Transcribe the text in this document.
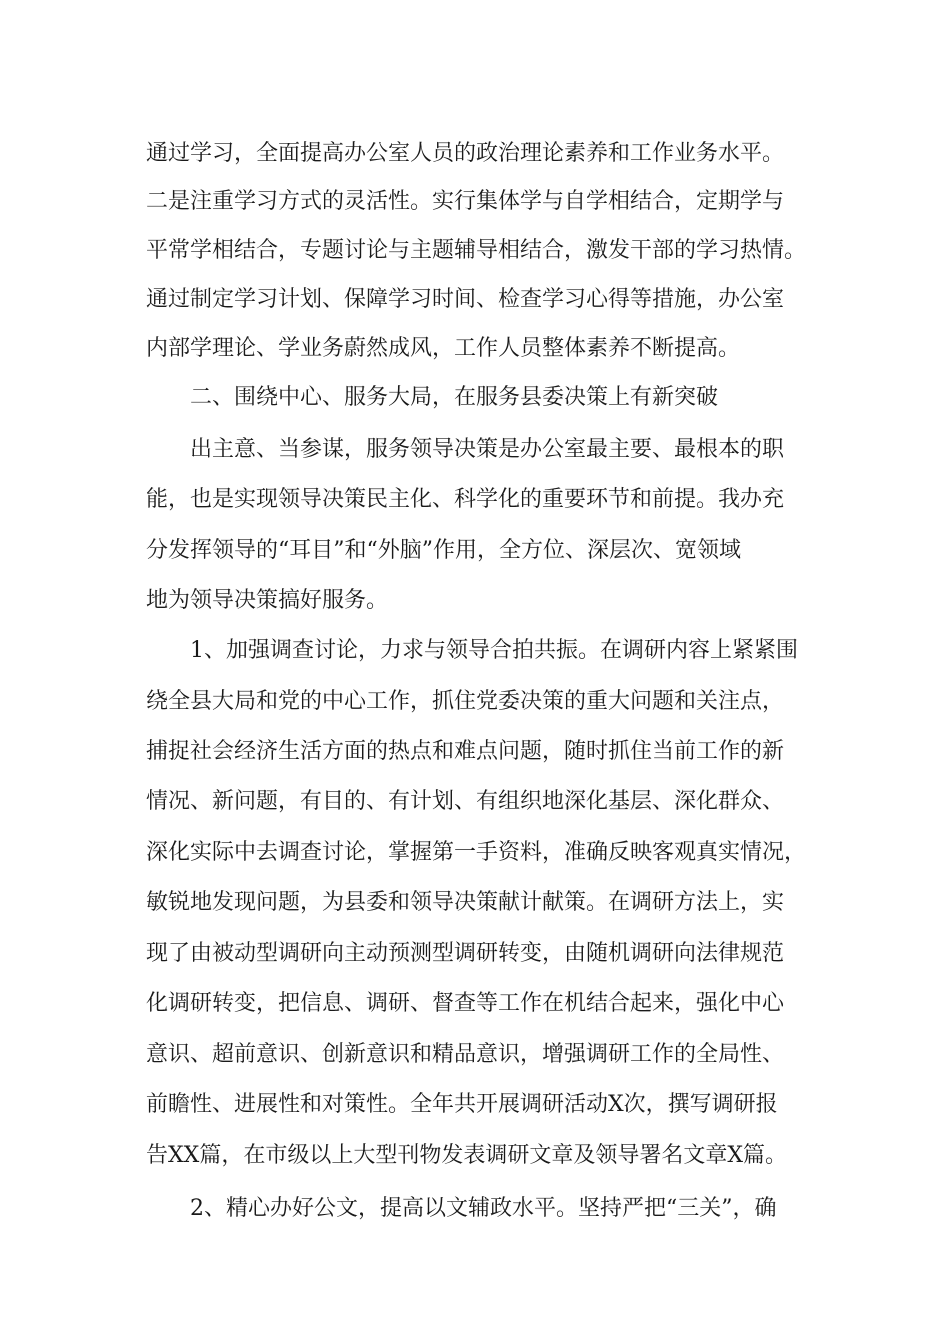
通过学习，全面提高办公室人员的政治理论素养和工作业务水平。
二是注重学习方式的灵活性。实行集体学与自学相结合，定期学与
平常学相结合，专题讨论与主题辅导相结合，激发干部的学习热情。
通过制定学习计划、保障学习时间、检查学习心得等措施，办公室
内部学理论、学业务蔚然成风，工作人员整体素养不断提高。
二、围绕中心、服务大局，在服务县委决策上有新突破
出主意、当参谋，服务领导决策是办公室最主要、最根本的职
能，也是实现领导决策民主化、科学化的重要环节和前提。我办充
分发挥领导的“耳目”和“外脑”作用，全方位、深层次、宽领域
地为领导决策搞好服务。
1、加强调查讨论，力求与领导合拍共振。在调研内容上紧紧围
绕全县大局和党的中心工作，抓住党委决策的重大问题和关注点，
捕捉社会经济生活方面的热点和难点问题，随时抓住当前工作的新
情况、新问题，有目的、有计划、有组织地深化基层、深化群众、
深化实际中去调查讨论，掌握第一手资料，准确反映客观真实情况，
敏锐地发现问题，为县委和领导决策献计献策。在调研方法上，实
现了由被动型调研向主动预测型调研转变，由随机调研向法律规范
化调研转变，把信息、调研、督查等工作在机结合起来，强化中心
意识、超前意识、创新意识和精品意识，增强调研工作的全局性、
前瞻性、进展性和对策性。全年共开展调研活动X次，撰写调研报
告XX篇，在市级以上大型刊物发表调研文章及领导署名文章X篇。
2、精心办好公文，提高以文辅政水平。坚持严把“三关”，确
